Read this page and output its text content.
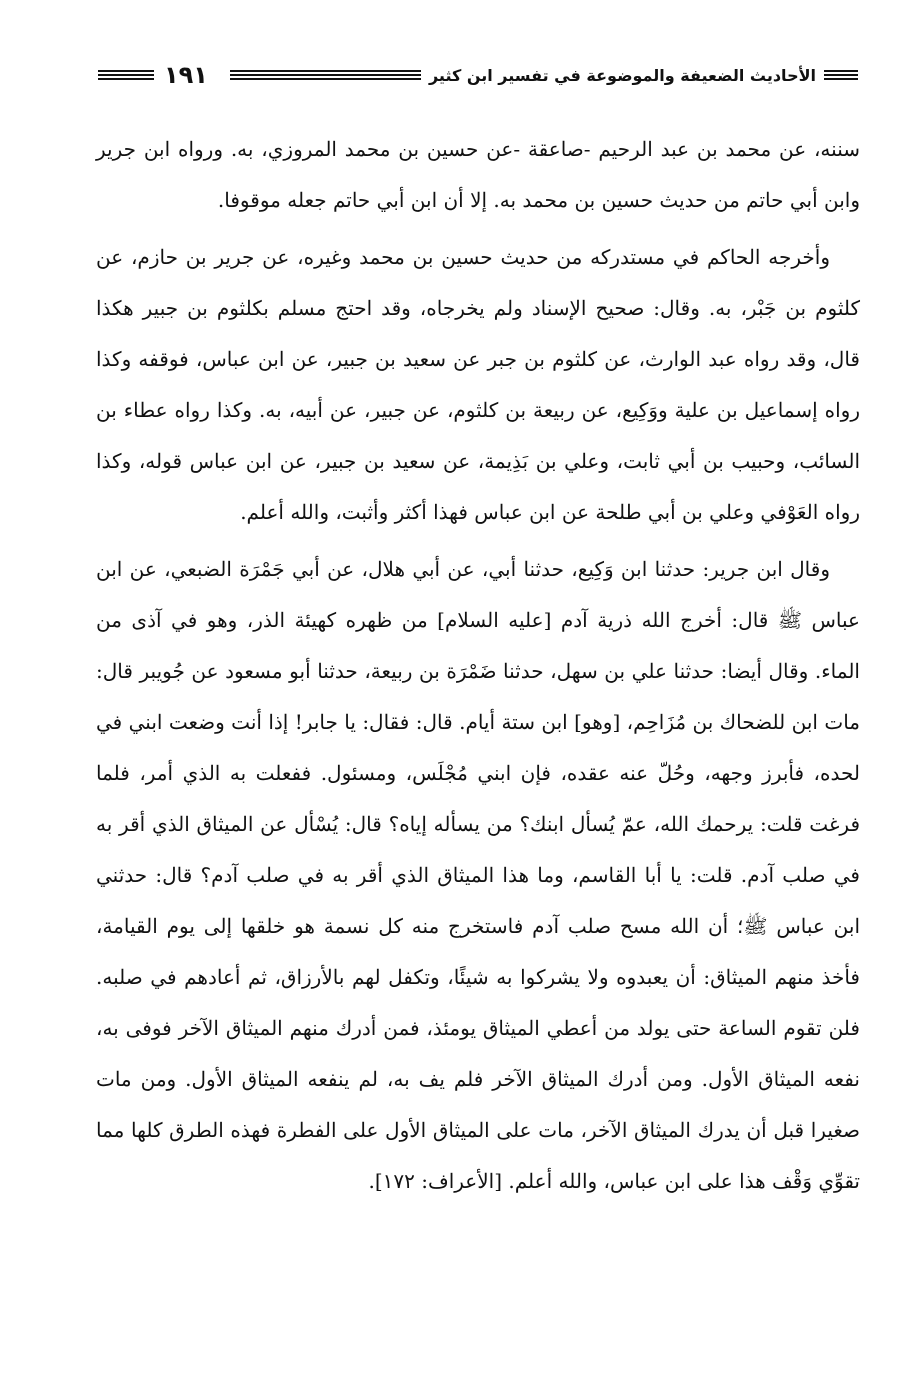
١٩١	الأحاديث الضعيفة والموضوعة في تفسير ابن كثير

سننه، عن محمد بن عبد الرحيم -صاعقة -عن حسين بن محمد المروزي، به. ورواه ابن جرير وابن أبي حاتم من حديث حسين بن محمد به. إلا أن ابن أبي حاتم جعله موقوفا.

وأخرجه الحاكم في مستدركه من حديث حسين بن محمد وغيره، عن جرير بن حازم، عن كلثوم بن جَبْر، به. وقال: صحيح الإسناد ولم يخرجاه، وقد احتج مسلم بكلثوم بن جبير هكذا قال، وقد رواه عبد الوارث، عن كلثوم بن جبر عن سعيد بن جبير، عن ابن عباس، فوقفه وكذا رواه إسماعيل بن علية ووَكِيع، عن ربيعة بن كلثوم، عن جبير، عن أبيه، به. وكذا رواه عطاء بن السائب، وحبيب بن أبي ثابت، وعلي بن بَذِيمة، عن سعيد بن جبير، عن ابن عباس قوله، وكذا رواه العَوْفي وعلي بن أبي طلحة عن ابن عباس فهذا أكثر وأثبت، والله أعلم.

وقال ابن جرير: حدثنا ابن وَكِيع، حدثنا أبي، عن أبي هلال، عن أبي جَمْرَة الضبعي، عن ابن عباس ﷺ قال: أخرج الله ذرية آدم [عليه السلام] من ظهره كهيئة الذر، وهو في آذى من الماء. وقال أيضا: حدثنا علي بن سهل، حدثنا ضَمْرَة بن ربيعة، حدثنا أبو مسعود عن جُويبر قال: مات ابن للضحاك بن مُزَاحِم، [وهو] ابن ستة أيام. قال: فقال: يا جابر! إذا أنت وضعت ابني في لحده، فأبرز وجهه، وحُلّ عنه عقده، فإن ابني مُجْلَس، ومسئول. ففعلت به الذي أمر، فلما فرغت قلت: يرحمك الله، عمّ يُسأل ابنك؟ من يسأله إياه؟ قال: يُسْأل عن الميثاق الذي أقر به في صلب آدم. قلت: يا أبا القاسم، وما هذا الميثاق الذي أقر به في صلب آدم؟ قال: حدثني ابن عباس ﷺ؛ أن الله مسح صلب آدم فاستخرج منه كل نسمة هو خلقها إلى يوم القيامة، فأخذ منهم الميثاق: أن يعبدوه ولا يشركوا به شيئًا، وتكفل لهم بالأرزاق، ثم أعادهم في صلبه. فلن تقوم الساعة حتى يولد من أعطي الميثاق يومئذ، فمن أدرك منهم الميثاق الآخر فوفى به، نفعه الميثاق الأول. ومن أدرك الميثاق الآخر فلم يف به، لم ينفعه الميثاق الأول. ومن مات صغيرا قبل أن يدرك الميثاق الآخر، مات على الميثاق الأول على الفطرة فهذه الطرق كلها مما تقوِّي وَقْف هذا على ابن عباس، والله أعلم. [الأعراف: ١٧٢].
